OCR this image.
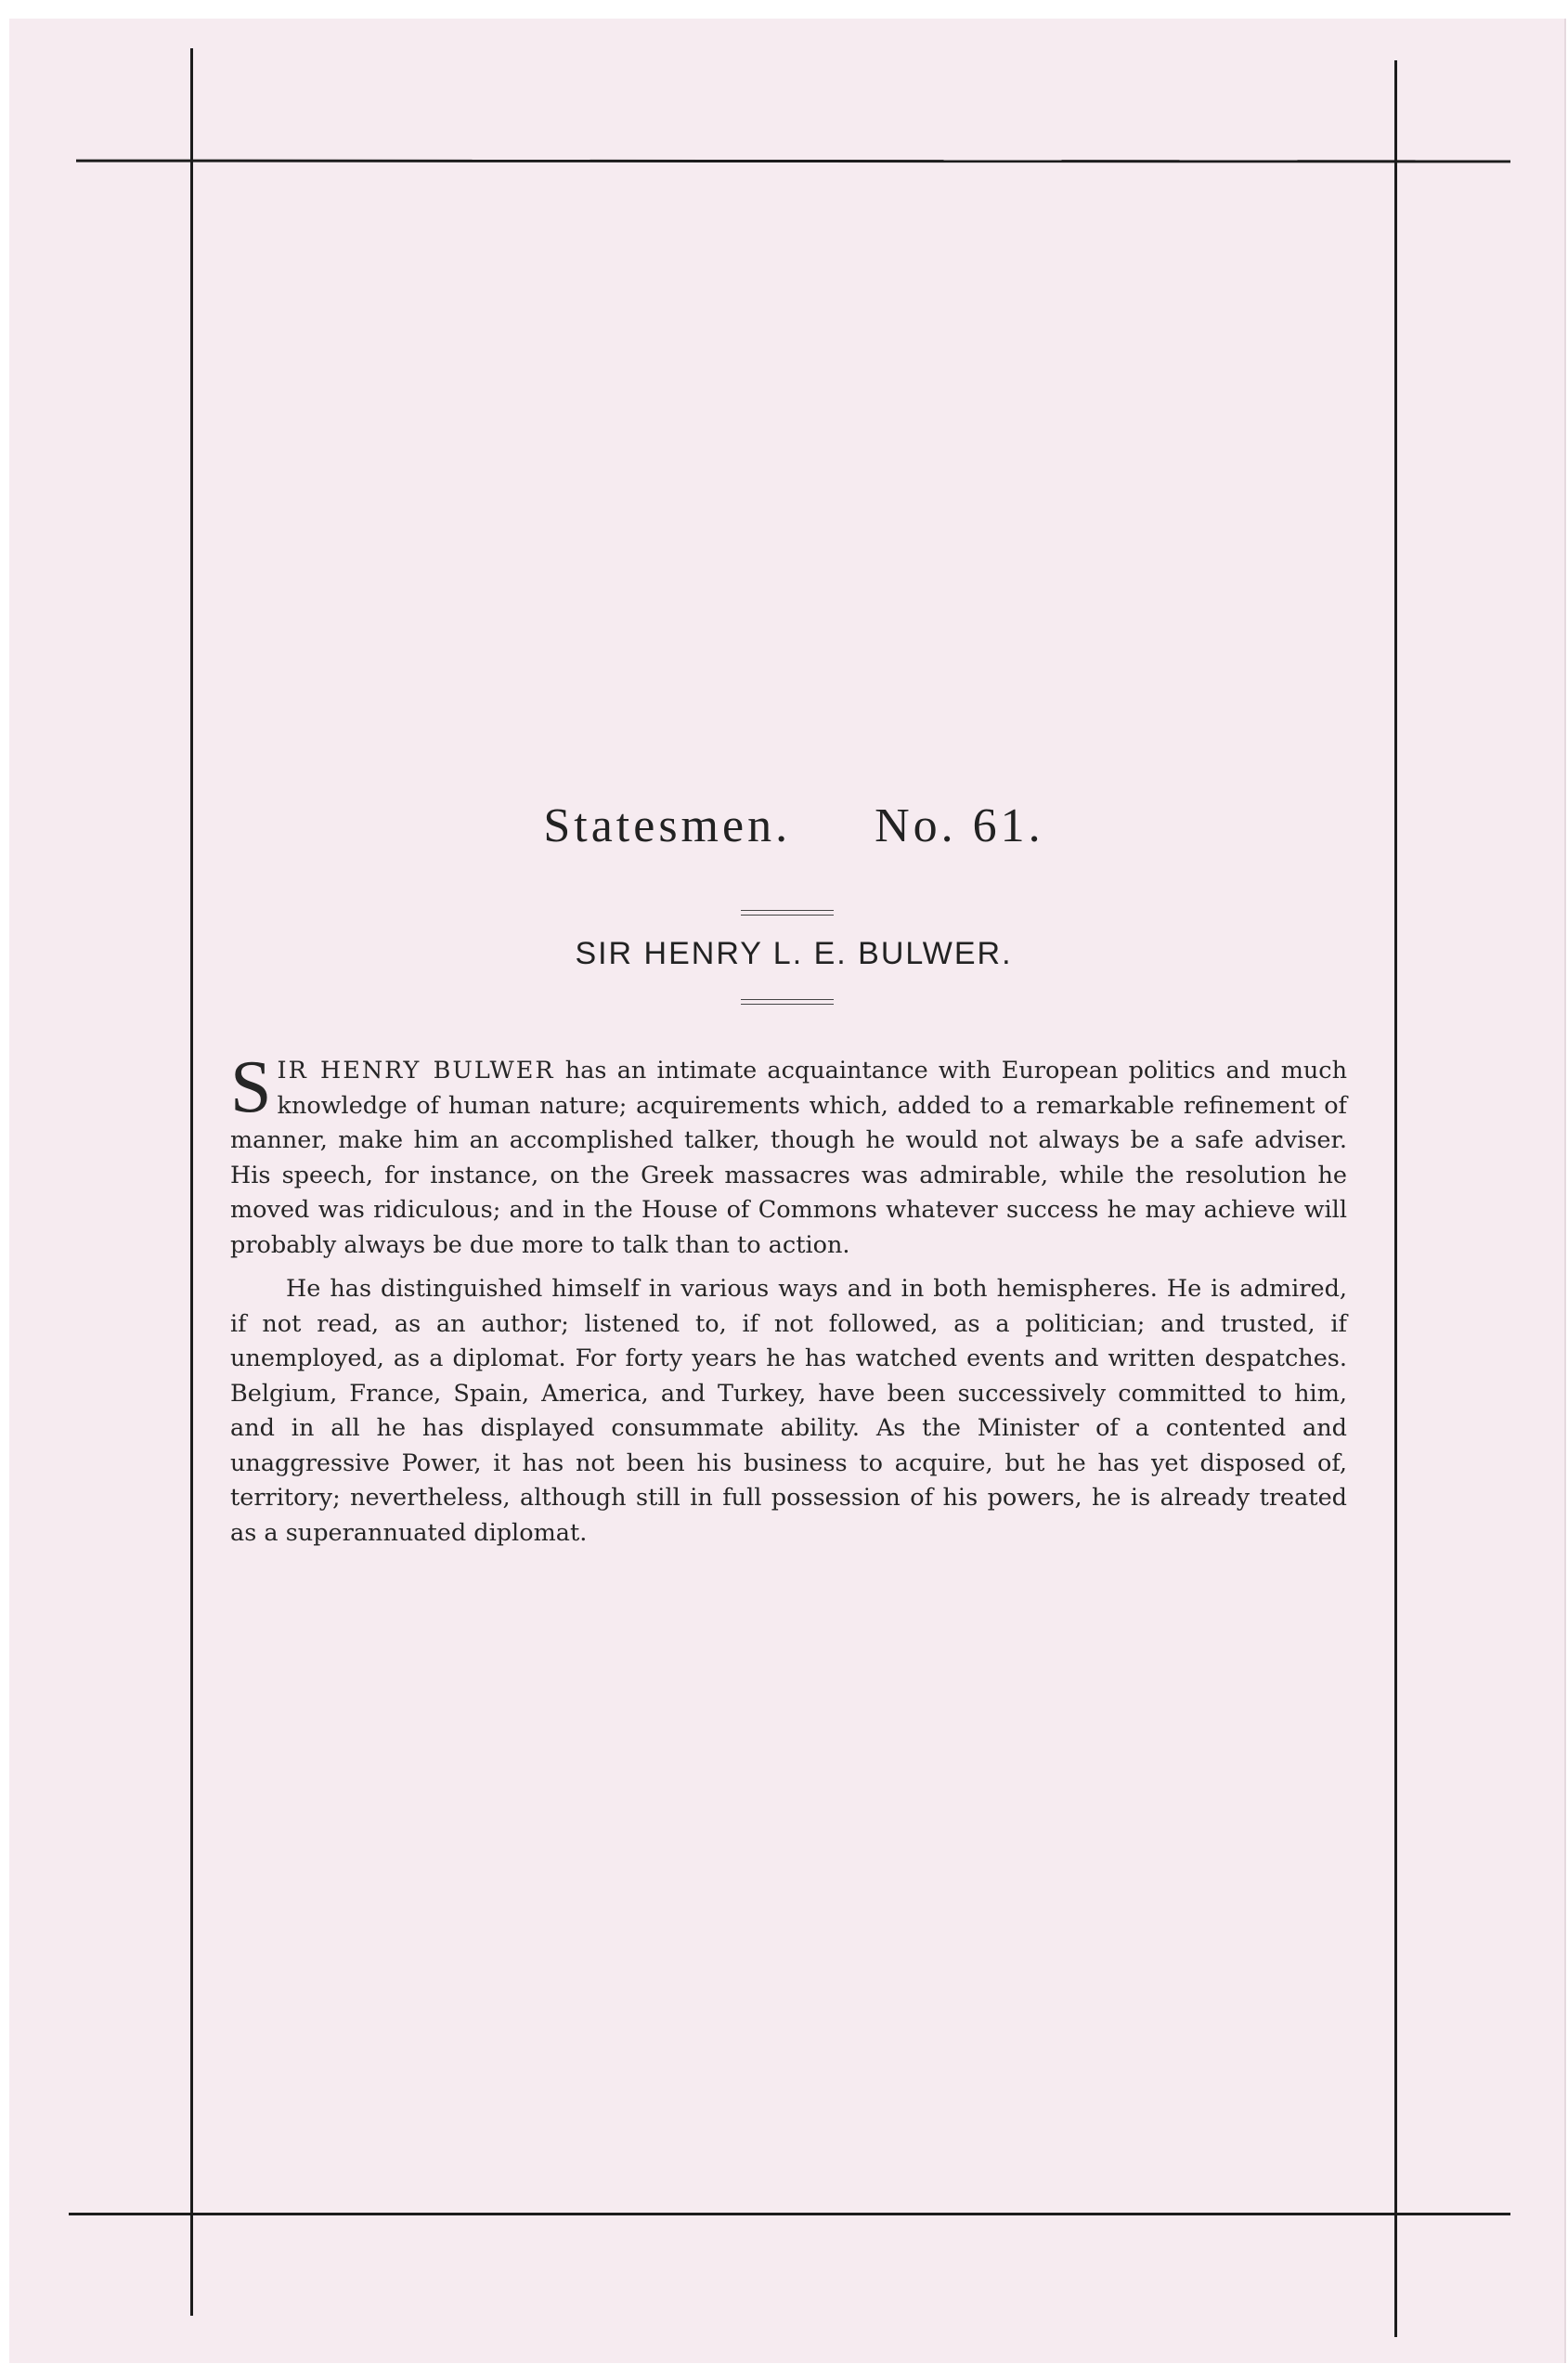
Statesmen. No. 61.
SIR HENRY L. E. BULWER.

SIR HENRY BULWER has an intimate acquaintance with European politics and much knowledge of human nature; acquirements which, added to a remarkable refinement of manner, make him an accomplished talker, though he would not always be a safe adviser. His speech, for instance, on the Greek massacres was admirable, while the resolution he moved was ridiculous; and in the House of Commons whatever success he may achieve will probably always be due more to talk than to action.

He has distinguished himself in various ways and in both hemispheres. He is admired, if not read, as an author; listened to, if not followed, as a politician; and trusted, if unemployed, as a diplomat. For forty years he has watched events and written despatches. Belgium, France, Spain, America, and Turkey, have been successively committed to him, and in all he has displayed consummate ability. As the Minister of a contented and unaggressive Power, it has not been his business to acquire, but he has yet disposed of, territory; nevertheless, although still in full possession of his powers, he is already treated as a superannuated diplomat.
